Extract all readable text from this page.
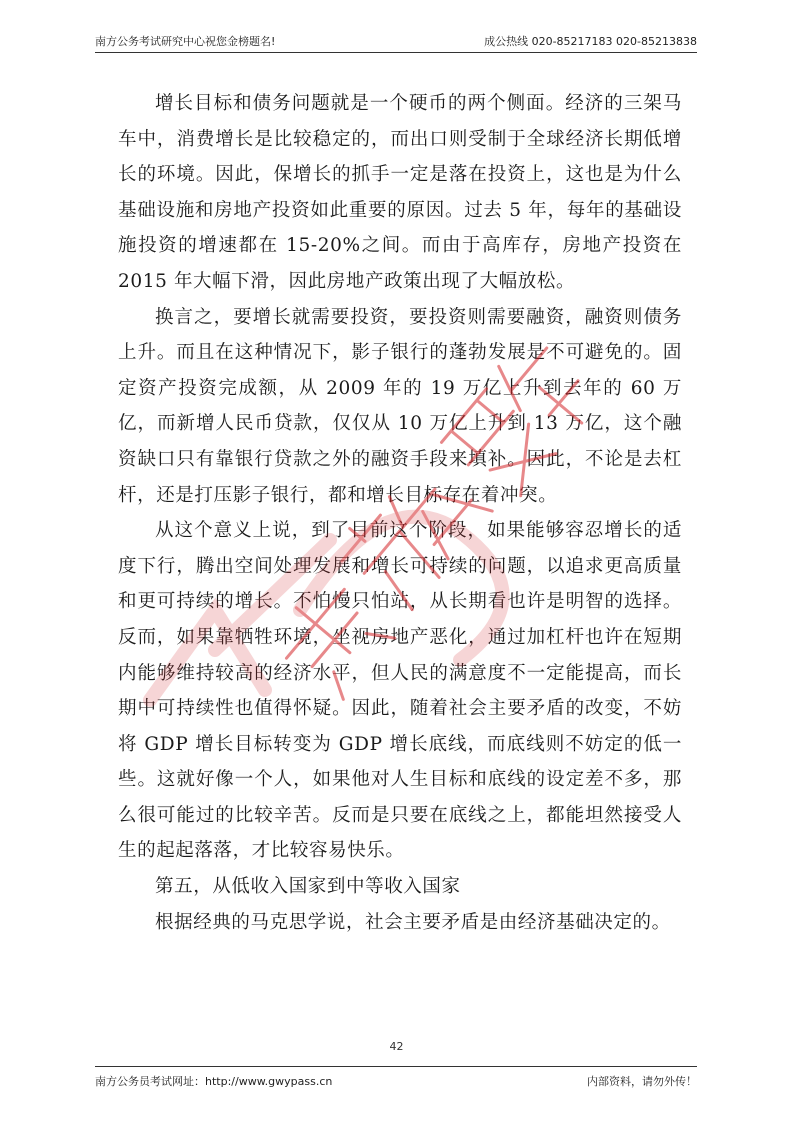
南方公务考试研究中心祝您金榜题名!	成公热线 020-85217183 020-85213838

增长目标和债务问题就是一个硬币的两个侧面。经济的三架马车中，消费增长是比较稳定的，而出口则受制于全球经济长期低增长的环境。因此，保增长的抓手一定是落在投资上，这也是为什么基础设施和房地产投资如此重要的原因。过去 5 年，每年的基础设施投资的增速都在 15-20%之间。而由于高库存，房地产投资在 2015 年大幅下滑，因此房地产政策出现了大幅放松。

换言之，要增长就需要投资，要投资则需要融资，融资则债务上升。而且在这种情况下，影子银行的蓬勃发展是不可避免的。固定资产投资完成额，从 2009 年的 19 万亿上升到去年的 60 万亿，而新增人民币贷款，仅仅从 10 万亿上升到 13 万亿，这个融资缺口只有靠银行贷款之外的融资手段来填补。因此，不论是去杠杆，还是打压影子银行，都和增长目标存在着冲突。

从这个意义上说，到了目前这个阶段，如果能够容忍增长的适度下行，腾出空间处理发展和增长可持续的问题，以追求更高质量和更可持续的增长。不怕慢只怕站，从长期看也许是明智的选择。反而，如果靠牺牲环境，坐视房地产恶化，通过加杠杆也许在短期内能够维持较高的经济水平，但人民的满意度不一定能提高，而长期中可持续性也值得怀疑。因此，随着社会主要矛盾的改变，不妨将 GDP 增长目标转变为 GDP 增长底线，而底线则不妨定的低一些。这就好像一个人，如果他对人生目标和底线的设定差不多，那么很可能过的比较辛苦。反而是只要在底线之上，都能坦然接受人生的起起落落，才比较容易快乐。

第五，从低收入国家到中等收入国家

根据经典的马克思学说，社会主要矛盾是由经济基础决定的。

42
南方公务员考试网址：http://www.gwypass.cn	内部资料，请勿外传！
